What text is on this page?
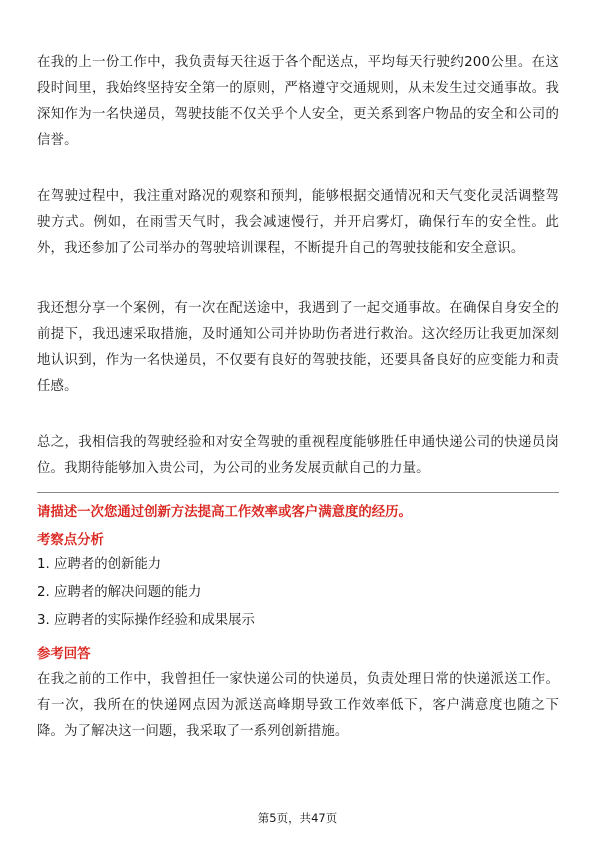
在我的上一份工作中，我负责每天往返于各个配送点，平均每天行驶约200公里。在这段时间里，我始终坚持安全第一的原则，严格遵守交通规则，从未发生过交通事故。我深知作为一名快递员，驾驶技能不仅关乎个人安全，更关系到客户物品的安全和公司的信誉。

在驾驶过程中，我注重对路况的观察和预判，能够根据交通情况和天气变化灵活调整驾驶方式。例如，在雨雪天气时，我会减速慢行，并开启雾灯，确保行车的安全性。此外，我还参加了公司举办的驾驶培训课程，不断提升自己的驾驶技能和安全意识。

我还想分享一个案例，有一次在配送途中，我遇到了一起交通事故。在确保自身安全的前提下，我迅速采取措施，及时通知公司并协助伤者进行救治。这次经历让我更加深刻地认识到，作为一名快递员，不仅要有良好的驾驶技能，还要具备良好的应变能力和责任感。

总之，我相信我的驾驶经验和对安全驾驶的重视程度能够胜任申通快递公司的快递员岗位。我期待能够加入贵公司，为公司的业务发展贡献自己的力量。

请描述一次您通过创新方法提高工作效率或客户满意度的经历。

考察点分析

1. 应聘者的创新能力

2. 应聘者的解决问题的能力

3. 应聘者的实际操作经验和成果展示

参考回答

在我之前的工作中，我曾担任一家快递公司的快递员，负责处理日常的快递派送工作。有一次，我所在的快递网点因为派送高峰期导致工作效率低下，客户满意度也随之下降。为了解决这一问题，我采取了一系列创新措施。

第5页，共47页
